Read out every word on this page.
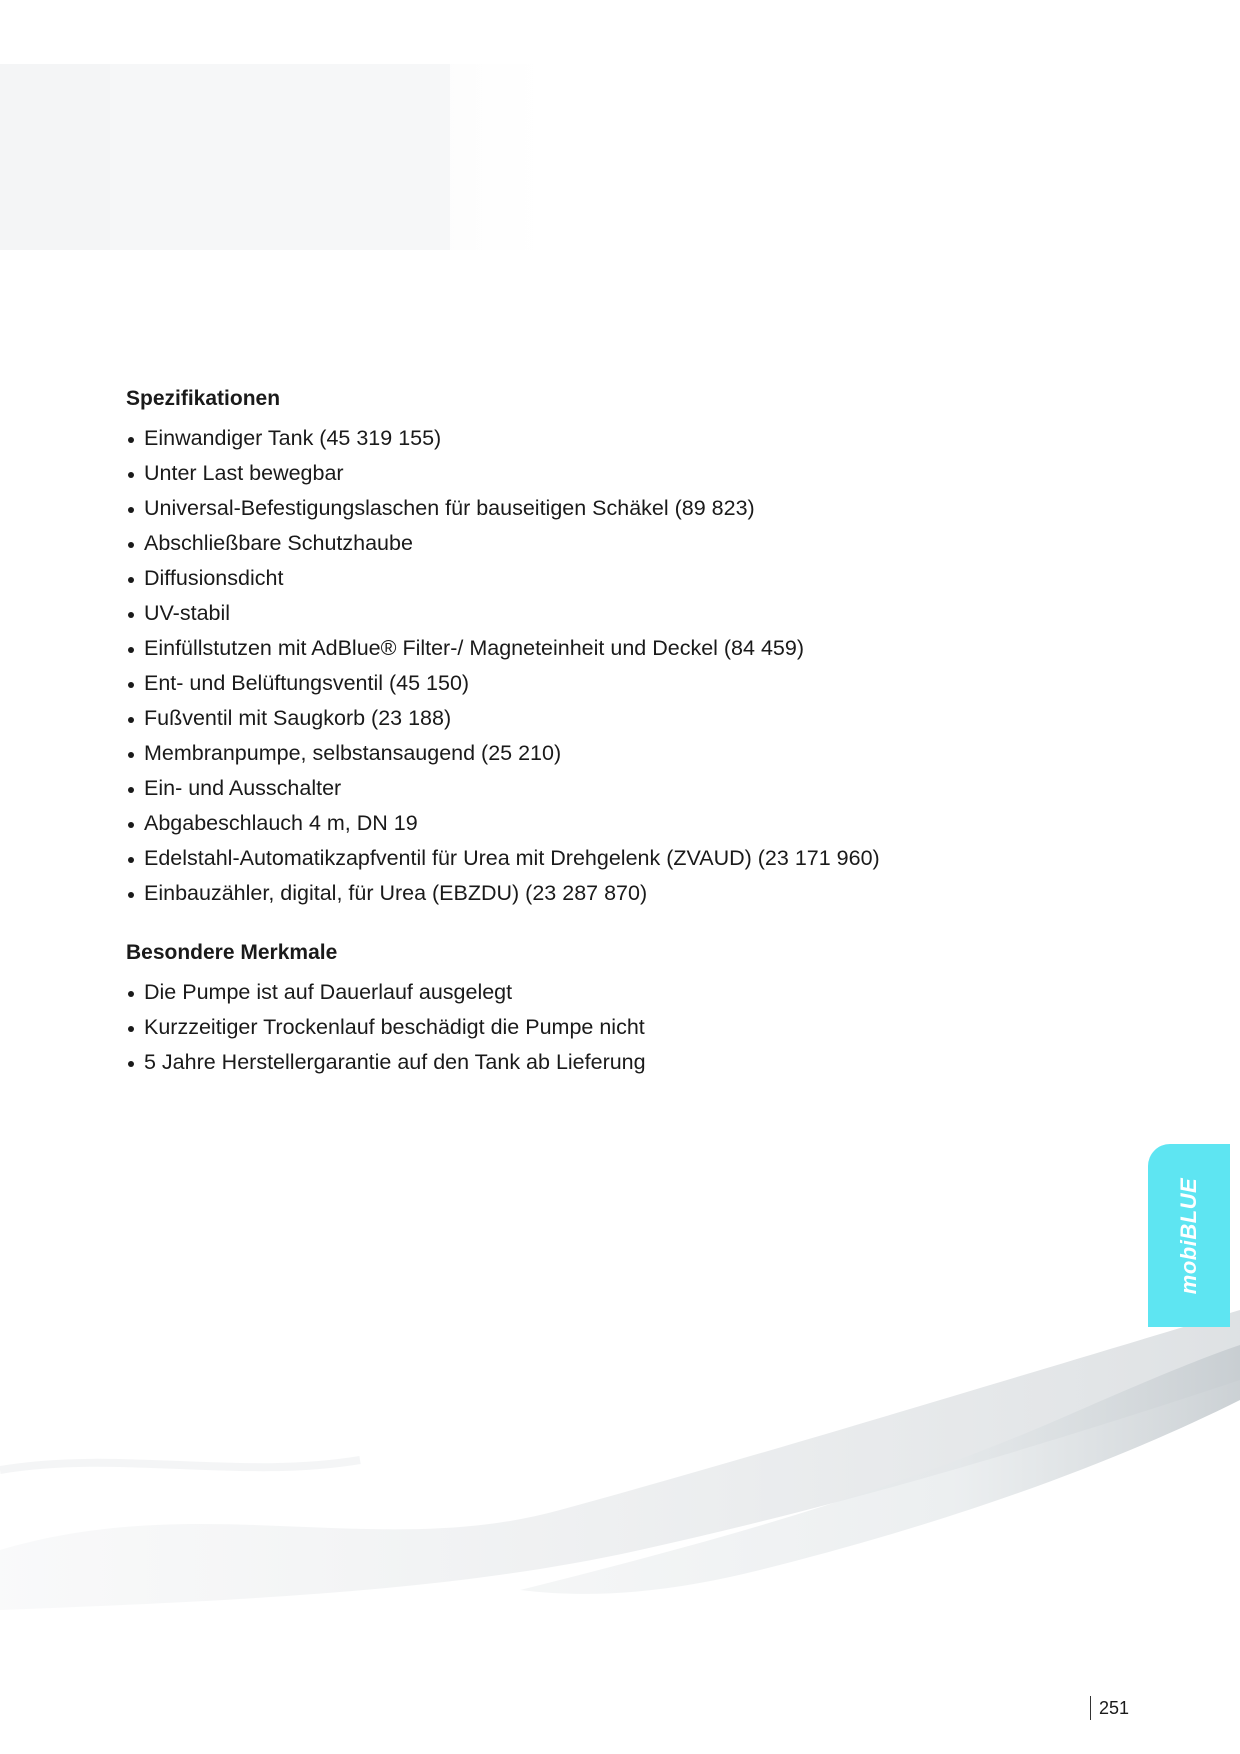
Spezifikationen
Einwandiger Tank (45 319 155)
Unter Last bewegbar
Universal-Befestigungslaschen für bauseitigen Schäkel (89 823)
Abschließbare Schutzhaube
Diffusionsdicht
UV-stabil
Einfüllstutzen mit AdBlue® Filter-/ Magneteinheit und Deckel (84 459)
Ent- und Belüftungsventil (45 150)
Fußventil mit Saugkorb (23 188)
Membranpumpe, selbstansaugend (25 210)
Ein- und Ausschalter
Abgabeschlauch 4 m, DN 19
Edelstahl-Automatikzapfventil für Urea mit Drehgelenk (ZVAUD) (23 171 960)
Einbauzähler, digital, für Urea (EBZDU) (23 287 870)
Besondere Merkmale
Die Pumpe ist auf Dauerlauf ausgelegt
Kurzzeitiger Trockenlauf beschädigt die Pumpe nicht
5 Jahre Herstellergarantie auf den Tank ab Lieferung
mobiBLUE
251
